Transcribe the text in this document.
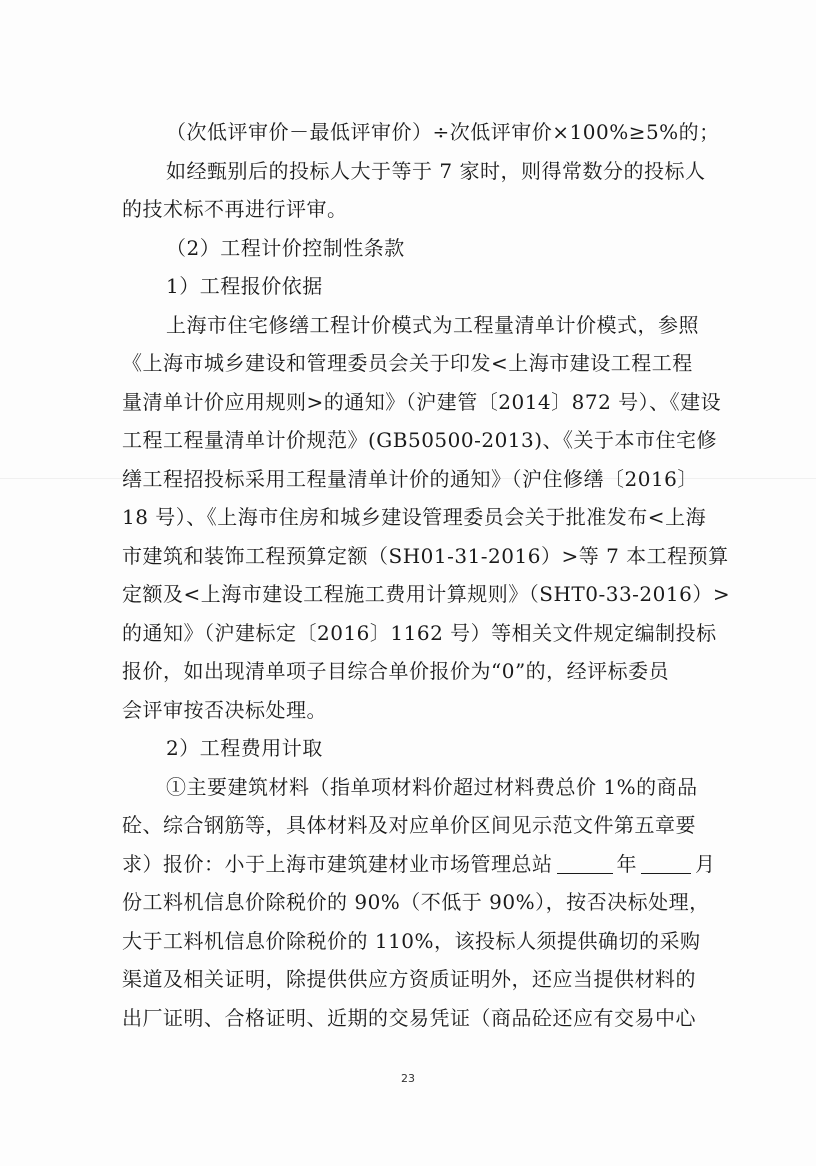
（次低评审价－最低评审价）÷次低评审价×100%≥5%的；
如经甄别后的投标人大于等于 7 家时，则得常数分的投标人
的技术标不再进行评审。
（2）工程计价控制性条款
1）工程报价依据
上海市住宅修缮工程计价模式为工程量清单计价模式，参照
《上海市城乡建设和管理委员会关于印发<上海市建设工程工程
量清单计价应用规则>的通知》（沪建管〔2014〕872 号）、《建设
工程工程量清单计价规范》(GB50500-2013)、《关于本市住宅修
缮工程招投标采用工程量清单计价的通知》（沪住修缮〔2016〕
18 号）、《上海市住房和城乡建设管理委员会关于批准发布<上海
市建筑和装饰工程预算定额（SH01-31-2016）>等 7 本工程预算
定额及<上海市建设工程施工费用计算规则》（SHT0-33-2016）>
的通知》（沪建标定〔2016〕1162 号）等相关文件规定编制投标
报价，如出现清单项子目综合单价报价为“0”的，经评标委员
会评审按否决标处理。
2）工程费用计取
①主要建筑材料（指单项材料价超过材料费总价 1%的商品
砼、综合钢筋等，具体材料及对应单价区间见示范文件第五章要
求）报价：小于上海市建筑建材业市场管理总站	年	月
份工料机信息价除税价的 90%（不低于 90%），按否决标处理，
大于工料机信息价除税价的 110%，该投标人须提供确切的采购
渠道及相关证明，除提供供应方资质证明外，还应当提供材料的
出厂证明、合格证明、近期的交易凭证（商品砼还应有交易中心
23
